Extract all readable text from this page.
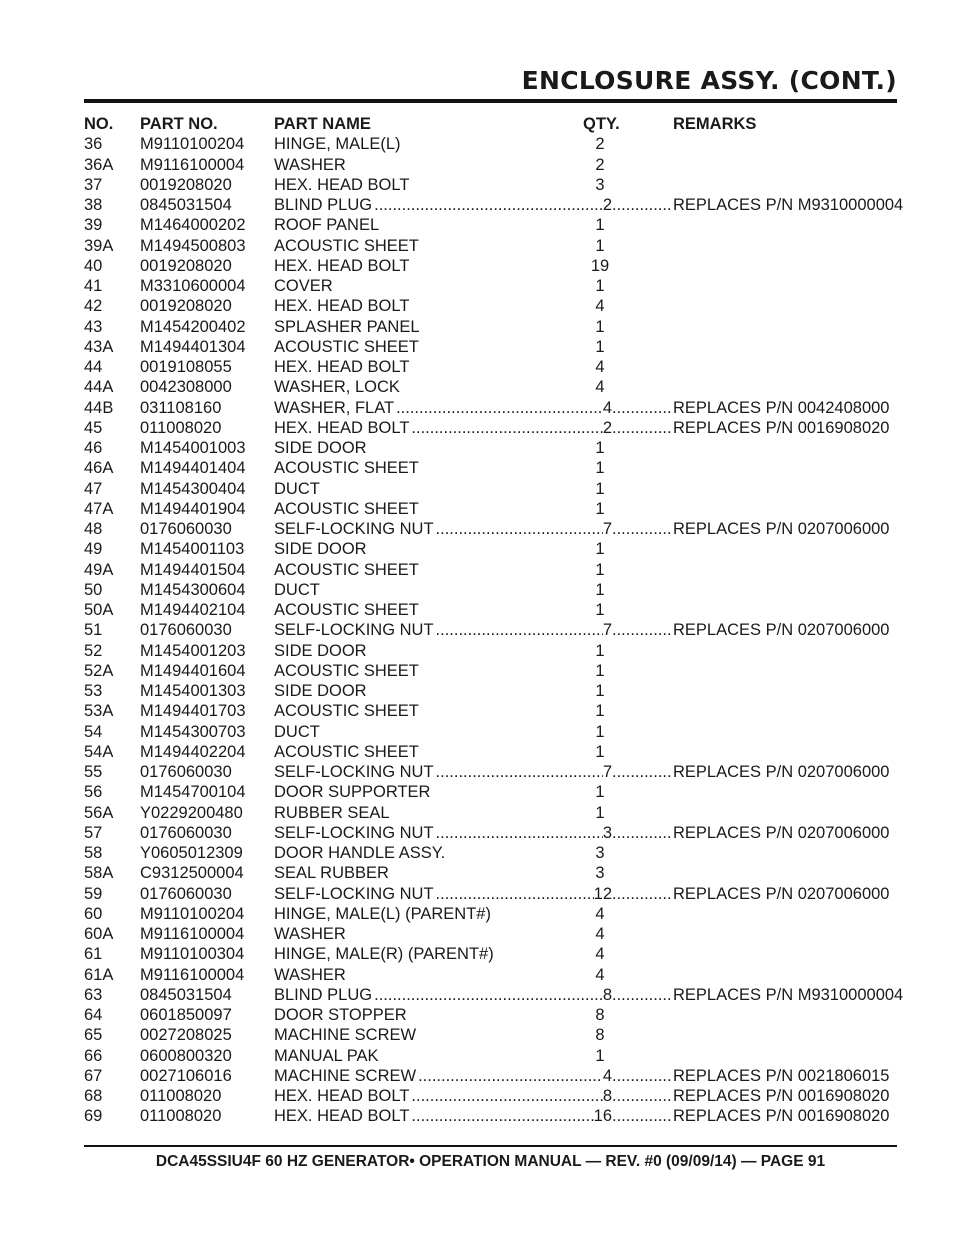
ENCLOSURE ASSY. (CONT.)
NO. PART NO.	PART NAME	QTY.	REMARKS
36 M9110100204 HINGE, MALE(L)	2
36A M9116100004 WASHER	2
37 0019208020	HEX. HEAD BOLT	3
38 0845031504	BLIND PLUG .....	2 .....	REPLACES P/N M9310000004
39 M1464000202 ROOF PANEL	1
39A M1494500803 ACOUSTIC SHEET	1
40 0019208020	HEX. HEAD BOLT	19
41 M3310600004 COVER	1
42 0019208020	HEX. HEAD BOLT	4
43 M1454200402 SPLASHER PANEL	1
43A M1494401304 ACOUSTIC SHEET	1
44 0019108055	HEX. HEAD BOLT	4
44A 0042308000	WASHER, LOCK	4
44B 031108160	WASHER, FLAT .....	4 .....	REPLACES P/N 0042408000
45 011008020	HEX. HEAD BOLT .....	2 .....	REPLACES P/N 0016908020
46 M1454001003 SIDE DOOR	1
46A M1494401404 ACOUSTIC SHEET	1
47 M1454300404 DUCT	1
47A M1494401904 ACOUSTIC SHEET	1
48 0176060030	SELF-LOCKING NUT .....	7 .....	REPLACES P/N 0207006000
49 M1454001103 SIDE DOOR	1
49A M1494401504 ACOUSTIC SHEET	1
50 M1454300604 DUCT	1
50A M1494402104 ACOUSTIC SHEET	1
51 0176060030	SELF-LOCKING NUT .....	7 .....	REPLACES P/N 0207006000
52 M1454001203 SIDE DOOR	1
52A M1494401604 ACOUSTIC SHEET	1
53 M1454001303 SIDE DOOR	1
53A M1494401703 ACOUSTIC SHEET	1
54 M1454300703 DUCT	1
54A M1494402204 ACOUSTIC SHEET	1
55 0176060030	SELF-LOCKING NUT .....	7 .....	REPLACES P/N 0207006000
56 M1454700104 DOOR SUPPORTER	1
56A Y0229200480 RUBBER SEAL	1
57 0176060030	SELF-LOCKING NUT .....	3 .....	REPLACES P/N 0207006000
58 Y0605012309 DOOR HANDLE ASSY.	3
58A C9312500004 SEAL RUBBER	3
59 0176060030	SELF-LOCKING NUT .....	12 .....	REPLACES P/N 0207006000
60 M9110100204 HINGE, MALE(L) (PARENT#)	4
60A M9116100004 WASHER	4
61 M9110100304 HINGE, MALE(R) (PARENT#)	4
61A M9116100004 WASHER	4
63 0845031504	BLIND PLUG .....	8 .....	REPLACES P/N M9310000004
64 0601850097	DOOR STOPPER	8
65 0027208025	MACHINE SCREW	8
66 0600800320	MANUAL PAK	1
67 0027106016	MACHINE SCREW .....	4 .....	REPLACES P/N 0021806015
68 011008020	HEX. HEAD BOLT .....	8 .....	REPLACES P/N 0016908020
69 011008020	HEX. HEAD BOLT .....	16 .....	REPLACES P/N 0016908020
DCA45SSIU4F 60 HZ GENERATOR• OPERATION MANUAL — REV. #0 (09/09/14) — PAGE 91
